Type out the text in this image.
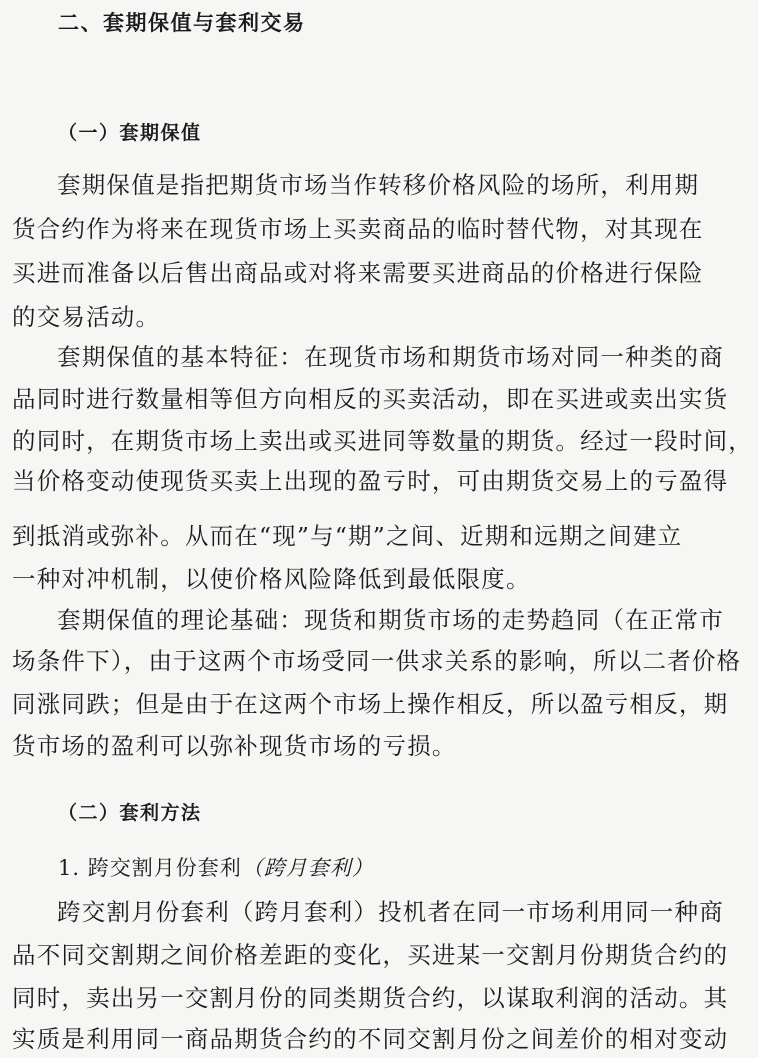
二、套期保值与套利交易
（一）套期保值
套期保值是指把期货市场当作转移价格风险的场所，利用期
货合约作为将来在现货市场上买卖商品的临时替代物，对其现在
买进而准备以后售出商品或对将来需要买进商品的价格进行保险
的交易活动。
套期保值的基本特征：在现货市场和期货市场对同一种类的商
品同时进行数量相等但方向相反的买卖活动，即在买进或卖出实货
的同时，在期货市场上卖出或买进同等数量的期货。经过一段时间，
当价格变动使现货买卖上出现的盈亏时，可由期货交易上的亏盈得
到抵消或弥补。从而在“现”与“期”之间、近期和远期之间建立
一种对冲机制，以使价格风险降低到最低限度。
套期保值的理论基础：现货和期货市场的走势趋同（在正常市
场条件下），由于这两个市场受同一供求关系的影响，所以二者价格
同涨同跌；但是由于在这两个市场上操作相反，所以盈亏相反，期
货市场的盈利可以弥补现货市场的亏损。
（二）套利方法
1. 跨交割月份套利（跨月套利）
跨交割月份套利（跨月套利）投机者在同一市场利用同一种商
品不同交割期之间价格差距的变化，买进某一交割月份期货合约的
同时，卖出另一交割月份的同类期货合约，以谋取利润的活动。其
实质是利用同一商品期货合约的不同交割月份之间差价的相对变动
